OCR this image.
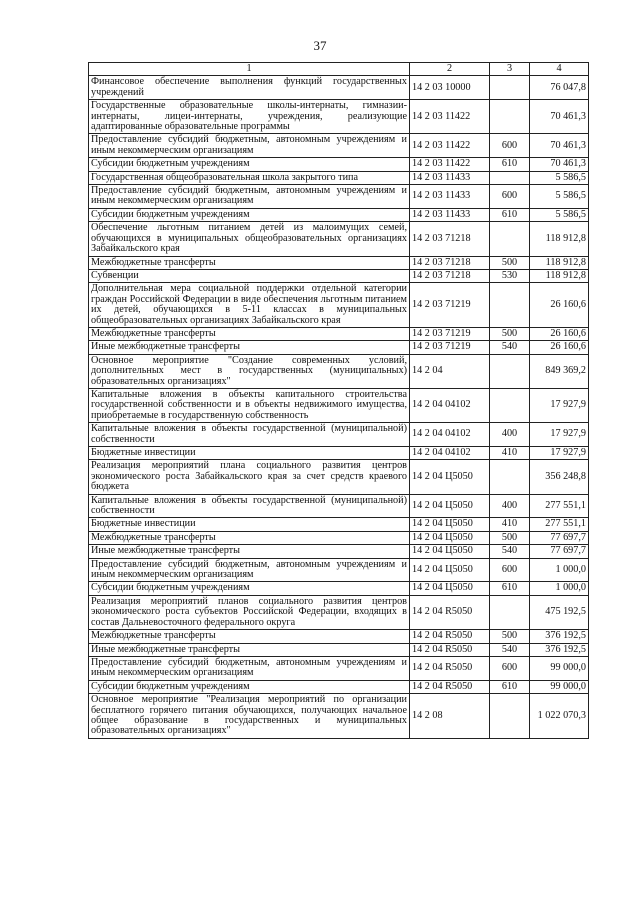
37
1	2	3	4
Финансовое обеспечение выполнения функций государственных учреждений	14 2 03 10000		76 047,8
Государственные образовательные школы-интернаты, гимназии-интернаты, лицеи-интернаты, учреждения, реализующие адаптированные образовательные программы	14 2 03 11422		70 461,3
Предоставление субсидий бюджетным, автономным учреждениям и иным некоммерческим организациям	14 2 03 11422	600	70 461,3
Субсидии бюджетным учреждениям	14 2 03 11422	610	70 461,3
Государственная общеобразовательная школа закрытого типа	14 2 03 11433		5 586,5
Предоставление субсидий бюджетным, автономным учреждениям и иным некоммерческим организациям	14 2 03 11433	600	5 586,5
Субсидии бюджетным учреждениям	14 2 03 11433	610	5 586,5
Обеспечение льготным питанием детей из малоимущих семей, обучающихся в муниципальных общеобразовательных организациях Забайкальского края	14 2 03 71218		118 912,8
Межбюджетные трансферты	14 2 03 71218	500	118 912,8
Субвенции	14 2 03 71218	530	118 912,8
Дополнительная мера социальной поддержки отдельной категории граждан Российской Федерации в виде обеспечения льготным питанием их детей, обучающихся в 5-11 классах в муниципальных общеобразовательных организациях Забайкальского края	14 2 03 71219		26 160,6
Межбюджетные трансферты	14 2 03 71219	500	26 160,6
Иные межбюджетные трансферты	14 2 03 71219	540	26 160,6
Основное мероприятие "Создание современных условий, дополнительных мест в государственных (муниципальных) образовательных организациях"	14 2 04		849 369,2
Капитальные вложения в объекты капитального строительства государственной собственности и в объекты недвижимого имущества, приобретаемые в государственную собственность	14 2 04 04102		17 927,9
Капитальные вложения в объекты государственной (муниципальной) собственности	14 2 04 04102	400	17 927,9
Бюджетные инвестиции	14 2 04 04102	410	17 927,9
Реализация мероприятий плана социального развития центров экономического роста Забайкальского края за счет средств краевого бюджета	14 2 04 Ц5050		356 248,8
Капитальные вложения в объекты государственной (муниципальной) собственности	14 2 04 Ц5050	400	277 551,1
Бюджетные инвестиции	14 2 04 Ц5050	410	277 551,1
Межбюджетные трансферты	14 2 04 Ц5050	500	77 697,7
Иные межбюджетные трансферты	14 2 04 Ц5050	540	77 697,7
Предоставление субсидий бюджетным, автономным учреждениям и иным некоммерческим организациям	14 2 04 Ц5050	600	1 000,0
Субсидии бюджетным учреждениям	14 2 04 Ц5050	610	1 000,0
Реализация мероприятий планов социального развития центров экономического роста субъектов Российской Федерации, входящих в состав Дальневосточного федерального округа	14 2 04 R5050		475 192,5
Межбюджетные трансферты	14 2 04 R5050	500	376 192,5
Иные межбюджетные трансферты	14 2 04 R5050	540	376 192,5
Предоставление субсидий бюджетным, автономным учреждениям и иным некоммерческим организациям	14 2 04 R5050	600	99 000,0
Субсидии бюджетным учреждениям	14 2 04 R5050	610	99 000,0
Основное мероприятие "Реализация мероприятий по организации бесплатного горячего питания обучающихся, получающих начальное общее образование в государственных и муниципальных образовательных организациях"	14 2 08		1 022 070,3
